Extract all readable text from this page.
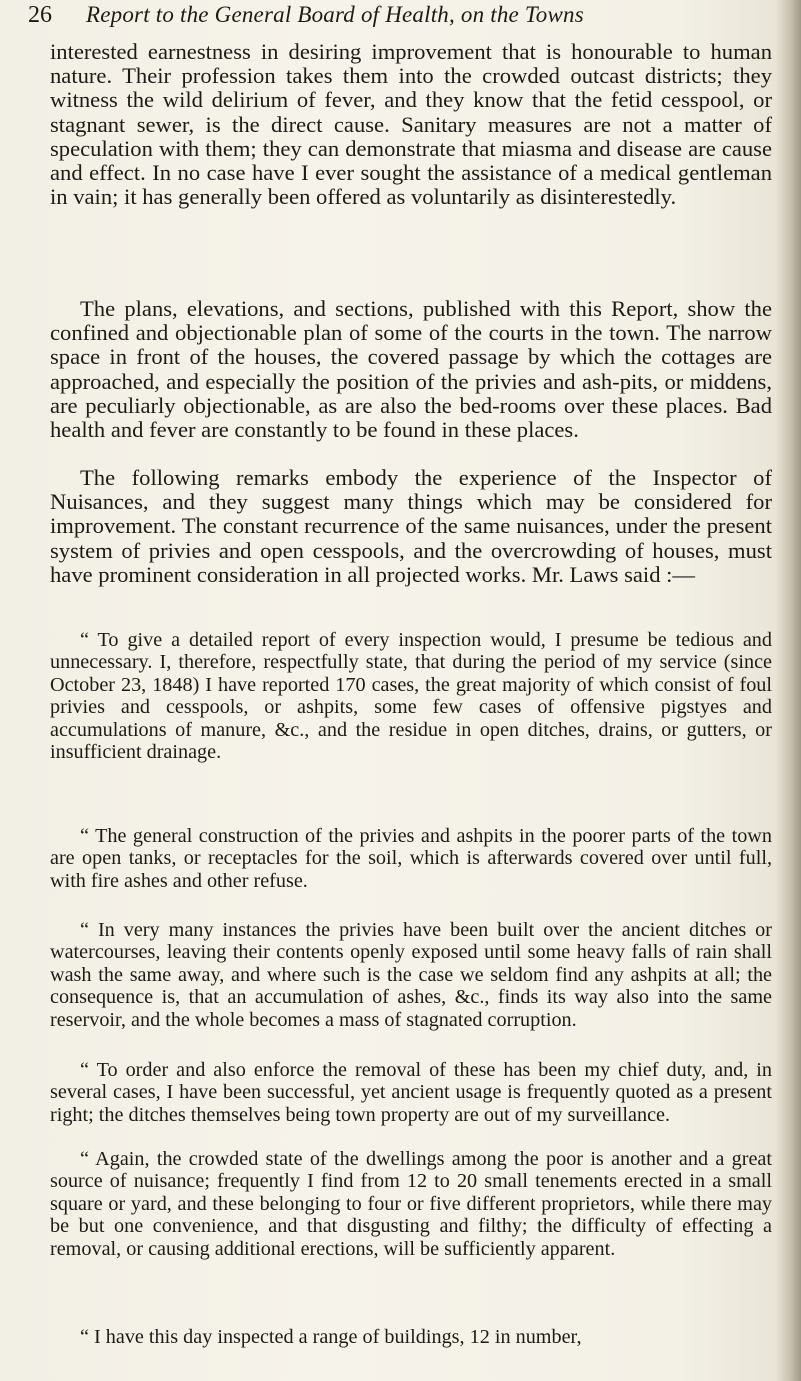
26 Report to the General Board of Health, on the Towns

interested earnestness in desiring improvement that is honourable to human nature. Their profession takes them into the crowded outcast districts; they witness the wild delirium of fever, and they know that the fetid cesspool, or stagnant sewer, is the direct cause. Sanitary measures are not a matter of speculation with them; they can demonstrate that miasma and disease are cause and effect. In no case have I ever sought the assistance of a medical gentleman in vain; it has generally been offered as voluntarily as disinterestedly.

The plans, elevations, and sections, published with this Report, show the confined and objectionable plan of some of the courts in the town. The narrow space in front of the houses, the covered passage by which the cottages are approached, and especially the position of the privies and ash-pits, or middens, are peculiarly objectionable, as are also the bed-rooms over these places. Bad health and fever are constantly to be found in these places.

The following remarks embody the experience of the Inspector of Nuisances, and they suggest many things which may be considered for improvement. The constant recurrence of the same nuisances, under the present system of privies and open cesspools, and the overcrowding of houses, must have prominent consideration in all projected works. Mr. Laws said :—

“ To give a detailed report of every inspection would, I presume be tedious and unnecessary. I, therefore, respectfully state, that during the period of my service (since October 23, 1848) I have reported 170 cases, the great majority of which consist of foul privies and cesspools, or ashpits, some few cases of offensive pigstyes and accumulations of manure, &c., and the residue in open ditches, drains, or gutters, or insufficient drainage.

“ The general construction of the privies and ashpits in the poorer parts of the town are open tanks, or receptacles for the soil, which is afterwards covered over until full, with fire ashes and other refuse.

“ In very many instances the privies have been built over the ancient ditches or watercourses, leaving their contents openly exposed until some heavy falls of rain shall wash the same away, and where such is the case we seldom find any ashpits at all; the consequence is, that an accumulation of ashes, &c., finds its way also into the same reservoir, and the whole becomes a mass of stagnated corruption.

“ To order and also enforce the removal of these has been my chief duty, and, in several cases, I have been successful, yet ancient usage is frequently quoted as a present right; the ditches themselves being town property are out of my surveillance.

“ Again, the crowded state of the dwellings among the poor is another and a great source of nuisance; frequently I find from 12 to 20 small tenements erected in a small square or yard, and these belonging to four or five different proprietors, while there may be but one convenience, and that disgusting and filthy; the difficulty of effecting a removal, or causing additional erections, will be sufficiently apparent.

“ I have this day inspected a range of buildings, 12 in number,
